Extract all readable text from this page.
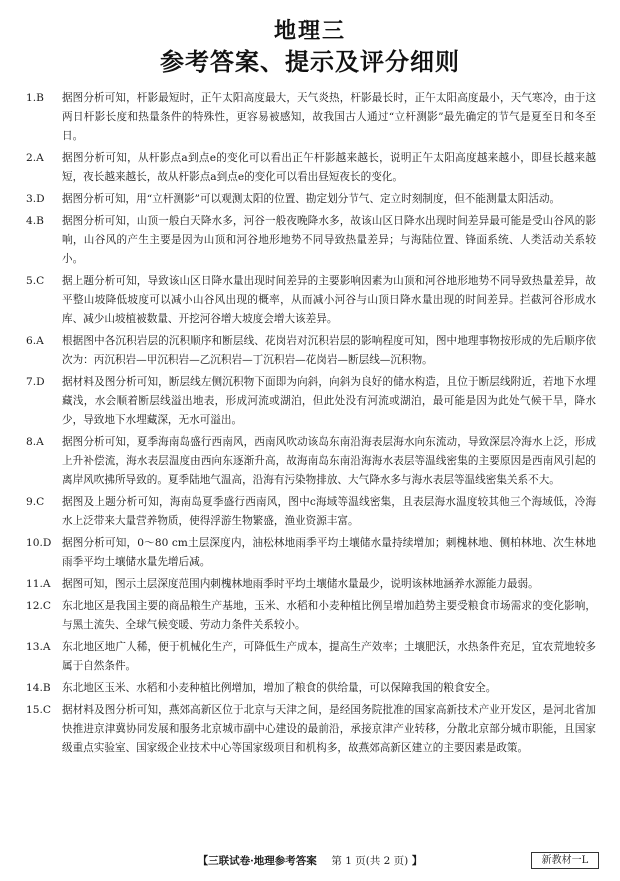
地理三
参考答案、提示及评分细则
1.B	据图分析可知，杆影最短时，正午太阳高度最大，天气炎热，杆影最长时，正午太阳高度最小，天气寒冷，由于这两日杆影长度和热量条件的特殊性，更容易被感知，故我国古人通过“立杆测影”最先确定的节气是夏至日和冬至日。
2.A	据图分析可知，从杆影点a到点e的变化可以看出正午杆影越来越长，说明正午太阳高度越来越小，即昼长越来越短，夜长越来越长，故从杆影点a到点e的变化可以看出昼短夜长的变化。
3.D	据图分析可知，用“立杆测影”可以观测太阳的位置、勘定划分节气、定立时刻制度，但不能测量太阳活动。
4.B	据图分析可知，山顶一般白天降水多，河谷一般夜晚降水多，故该山区日降水出现时间差异最可能是受山谷风的影响，山谷风的产生主要是因为山顶和河谷地形地势不同导致热量差异；与海陆位置、锋面系统、人类活动关系较小。
5.C	据上题分析可知，导致该山区日降水量出现时间差异的主要影响因素为山顶和河谷地形地势不同导致热量差异，故平整山坡降低坡度可以减小山谷风出现的概率，从而减小河谷与山顶日降水量出现的时间差异。拦截河谷形成水库、减少山坡植被数量、开挖河谷增大坡度会增大该差异。
6.A	根据图中各沉积岩层的沉积顺序和断层线、花岗岩对沉积岩层的影响程度可知，图中地理事物按形成的先后顺序依次为：丙沉积岩—甲沉积岩—乙沉积岩—丁沉积岩—花岗岩—断层线—沉积物。
7.D	据材料及图分析可知，断层线左侧沉积物下面即为向斜，向斜为良好的储水构造，且位于断层线附近，若地下水埋藏浅，水会顺着断层线溢出地表，形成河流或湖泊，但此处没有河流或湖泊，最可能是因为此处气候干旱，降水少，导致地下水埋藏深，无水可溢出。
8.A	据图分析可知，夏季海南岛盛行西南风，西南风吹动该岛东南沿海表层海水向东流动，导致深层冷海水上泛，形成上升补偿流，海水表层温度由西向东逐渐升高，故海南岛东南沿海海水表层等温线密集的主要原因是西南风引起的离岸风吹拂所导致的。夏季陆地气温高，沿海有污染物排放、大气降水多与海水表层等温线密集关系不大。
9.C	据图及上题分析可知，海南岛夏季盛行西南风，图中c海域等温线密集，且表层海水温度较其他三个海域低，冷海水上泛带来大量营养物质，使得浮游生物繁盛，渔业资源丰富。
10.D	据图分析可知，0～80 cm土层深度内，油松林地雨季平均土壤储水量持续增加；刺槐林地、侧柏林地、次生林地雨季平均土壤储水量先增后减。
11.A	据图可知，图示土层深度范围内刺槐林地雨季时平均土壤储水量最少，说明该林地涵养水源能力最弱。
12.C	东北地区是我国主要的商品粮生产基地，玉米、水稻和小麦种植比例呈增加趋势主要受粮食市场需求的变化影响，与黑土流失、全球气候变暖、劳动力条件关系较小。
13.A	东北地区地广人稀，便于机械化生产，可降低生产成本，提高生产效率；土壤肥沃，水热条件充足，宜农荒地较多属于自然条件。
14.B	东北地区玉米、水稻和小麦种植比例增加，增加了粮食的供给量，可以保障我国的粮食安全。
15.C	据材料及图分析可知，燕郊高新区位于北京与天津之间，是经国务院批准的国家高新技术产业开发区，是河北省加快推进京津冀协同发展和服务北京城市副中心建设的最前沿，承接京津产业转移，分散北京部分城市职能，且国家级重点实验室、国家级企业技术中心等国家级项目和机构多，故燕郊高新区建立的主要因素是政策。
【三联试卷·地理参考答案 第 1 页(共 2 页) 】	新教材一L
